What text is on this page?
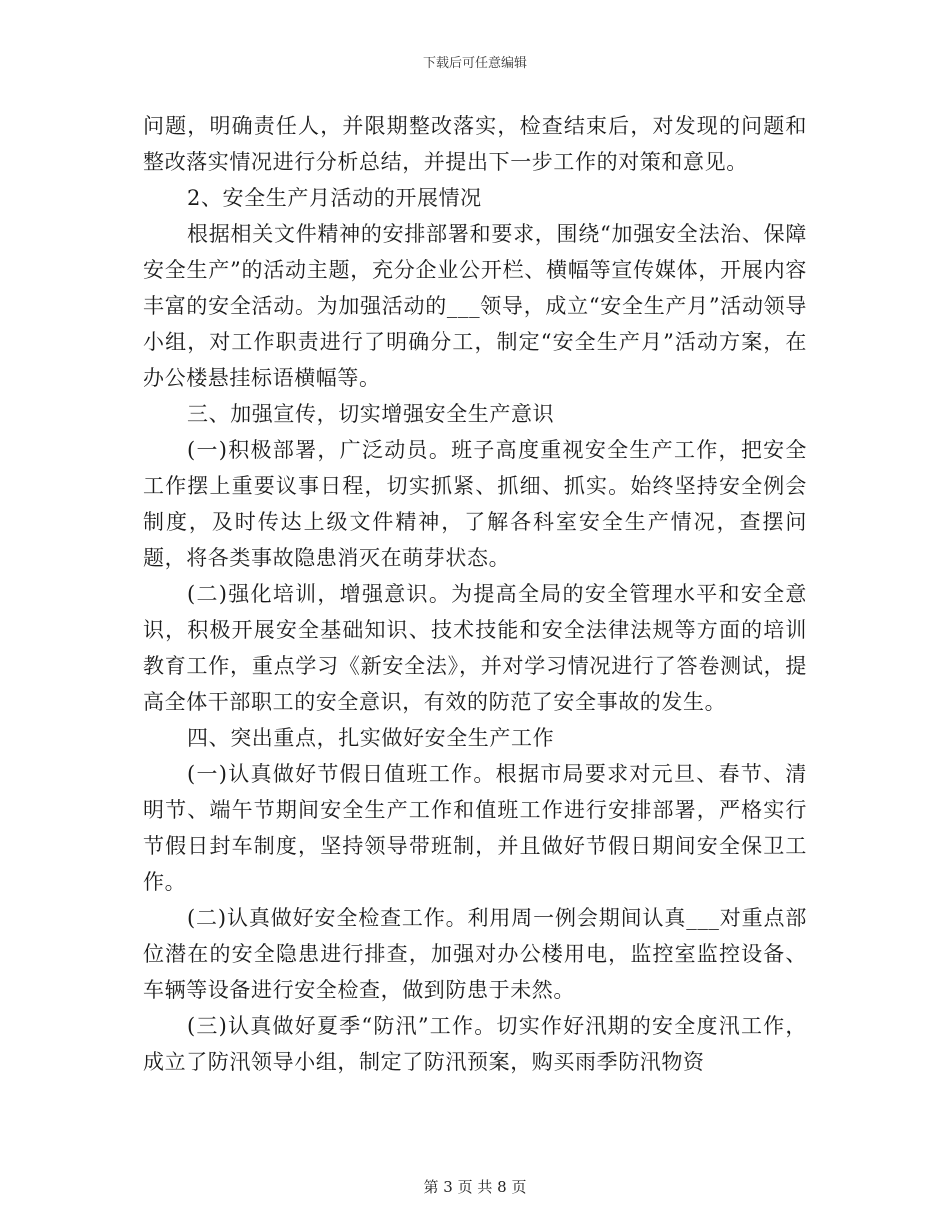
下载后可任意编辑

问题，明确责任人，并限期整改落实，检查结束后，对发现的问题和整改落实情况进行分析总结，并提出下一步工作的对策和意见。

2、安全生产月活动的开展情况

根据相关文件精神的安排部署和要求，围绕“加强安全法治、保障安全生产”的活动主题，充分企业公开栏、横幅等宣传媒体，开展内容丰富的安全活动。为加强活动的___领导，成立“安全生产月”活动领导小组，对工作职责进行了明确分工，制定“安全生产月”活动方案，在办公楼悬挂标语横幅等。

三、加强宣传，切实增强安全生产意识

(一)积极部署，广泛动员。班子高度重视安全生产工作，把安全工作摆上重要议事日程，切实抓紧、抓细、抓实。始终坚持安全例会制度，及时传达上级文件精神，了解各科室安全生产情况，查摆问题，将各类事故隐患消灭在萌芽状态。

(二)强化培训，增强意识。为提高全局的安全管理水平和安全意识，积极开展安全基础知识、技术技能和安全法律法规等方面的培训教育工作，重点学习《新安全法》，并对学习情况进行了答卷测试，提高全体干部职工的安全意识，有效的防范了安全事故的发生。

四、突出重点，扎实做好安全生产工作

(一)认真做好节假日值班工作。根据市局要求对元旦、春节、清明节、端午节期间安全生产工作和值班工作进行安排部署，严格实行节假日封车制度，坚持领导带班制，并且做好节假日期间安全保卫工作。

(二)认真做好安全检查工作。利用周一例会期间认真___对重点部位潜在的安全隐患进行排查，加强对办公楼用电，监控室监控设备、车辆等设备进行安全检查，做到防患于未然。

(三)认真做好夏季“防汛”工作。切实作好汛期的安全度汛工作，成立了防汛领导小组，制定了防汛预案，购买雨季防汛物资

第 3 页 共 8 页
